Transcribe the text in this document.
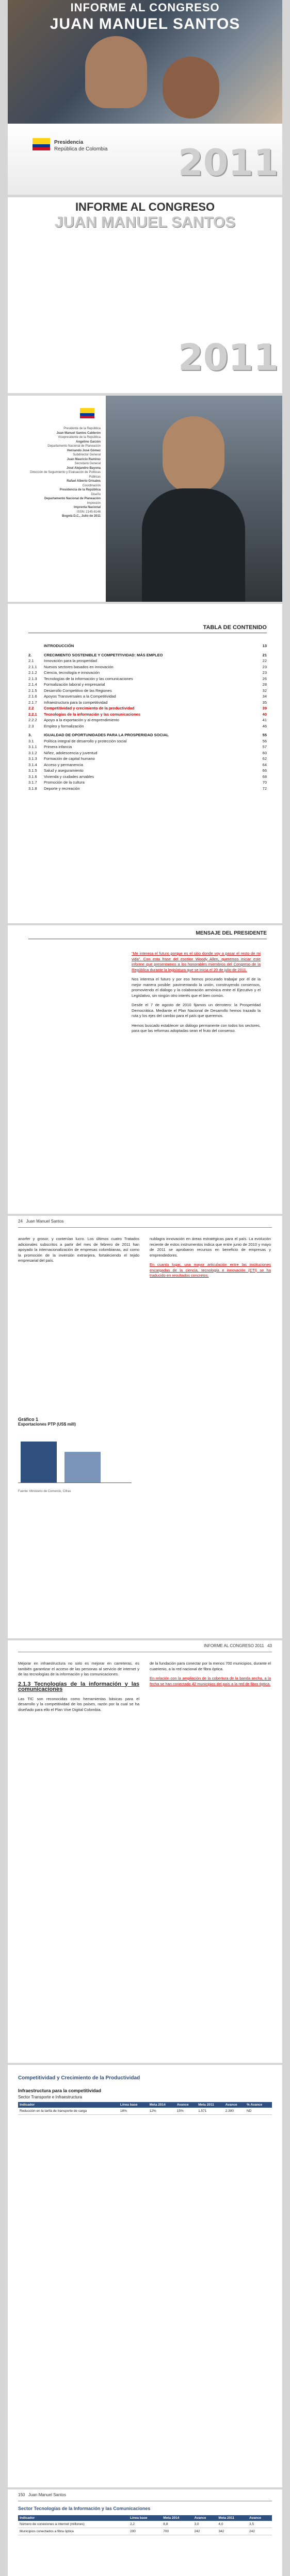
INFORME AL CONGRESO
JUAN MANUEL SANTOS
Presidencia
República de Colombia 2011
INFORME AL CONGRESO
JUAN MANUEL SANTOS
2011
Presidente de la República
Juan Manuel Santos Calderón
Vicepresidente de la República
Angelino Garzón
Departamento Nacional de Planeación
Hernando José Gómez
Subdirector General
Juan Mauricio Ramírez
Secretario General
José Alejandro Bayona
Dirección de Seguimiento y Evaluación de Políticas Públicas
Rafael Alberto Grisales
Coordinación
Presidencia de la República
Diseño
Departamento Nacional de Planeación
Impresión
Imprenta Nacional
ISSN: 2145-8146
Bogotá D.C., Julio de 2011
TABLA DE CONTENIDO
INTRODUCCIÓN	13
2.	CRECIMIENTO SOSTENIBLE Y COMPETITIVIDAD: MÁS EMPLEO	21
2.1	Innovación para la prosperidad	22
2.1.1	Nuevos sectores basados en innovación	23
2.1.2	Ciencia, tecnología e innovación	23
2.1.3	Tecnologías de la información y las comunicaciones	26
2.1.4	Formalización laboral y empresarial	28
2.1.5	Desarrollo Competitivo de las Regiones	32
2.1.6	Apoyos Transversales a la Competitividad	34
2.1.7	Infraestructura para la competitividad	35
2.2	Competitividad y crecimiento de la productividad	39
2.2.1	Tecnologías de la información y las comunicaciones	40
2.2.2	Apoyo a la exportación y al emprendimiento	41
2.3	Empleo y formalización	46
3.	IGUALDAD DE OPORTUNIDADES PARA LA PROSPERIDAD SOCIAL	55
3.1	Política integral de desarrollo y protección social	56
3.1.1	Primera infancia	57
3.1.2	Niñez, adolescencia y juventud	60
3.1.3	Formación de capital humano	62
3.1.4	Acceso y permanencia	64
3.1.5	Salud y aseguramiento	66
3.1.6	Vivienda y ciudades amables	68
3.1.7	Promoción de la cultura	70
3.1.8	Deporte y recreación	72
MENSAJE DEL PRESIDENTE

“Me interesa el futuro porque es el sitio donde voy a pasar el resto de mi vida”. Con esta frase del escritor Woody Allen, queremos iniciar este informe que presentamos a los honorables miembros del Congreso de la República durante la legislatura que se inicia el 20 de julio de 2011.

Nos interesa el futuro y por eso hemos procurado trabajar por él de la mejor manera posible: pavimentando la unión, construyendo consensos, promoviendo el diálogo y la colaboración armónica entre el Ejecutivo y el Legislativo, sin ningún otro interés que el bien común.

Desde el 7 de agosto de 2010 fijamos un derrotero: la Prosperidad Democrática. Mediante el Plan Nacional de Desarrollo hemos trazado la ruta y los ejes del cambio para el país que queremos.

Hemos buscado establecer un diálogo permanente con todos los sectores, para que las reformas adoptadas sean el fruto del consenso.

24 Juan Manuel Santos

anorfer y grosor, y contenían lucro. Los últimos cuatro Tratados adicionales subscritos a partir del mes de febrero de 2011 han apoyado la internacionalización de empresas colombianas, así como la promoción de la inversión extranjera, fortaleciendo el tejido empresarial del país.

nublagra innovación en áreas estratégicas para el país. La evolución reciente de estos instrumentos indica que entre junio de 2010 y mayo de 2011 se aprobaron recursos en beneficio de empresas y emprendedores.

En cuanto lugar, una mayor articulación entre las instituciones encargadas de la ciencia, tecnología e innovación (CTI) se ha traducido en resultados concretos.

Gráfico 1
Exportaciones PTP (US$ mill)
Fuente: Ministerio de Comercio, Cifras
INFORME AL CONGRESO 2011 43

Mejorar en infraestructura no solo es mejorar en carreteras, es también garantizar el acceso de las personas al servicio de internet y de las tecnologías de la información y las comunicaciones.

2.1.3 Tecnologías de la información y las comunicaciones

Las TIC son reconocidas como herramientas básicas para el desarrollo y la competitividad de los países, razón por la cual se ha diseñado para ello el Plan Vive Digital Colombia.

de la fundación para conectar por la menos 700 municipios, durante el cuatrienio, a la red nacional de fibra óptica.

En relación con la ampliación de la cobertura de la banda ancha, a la fecha se han conectado 42 municipios del país a la red de fibra óptica.

Competitividad y Crecimiento de la Productividad
Infraestructura para la competitividad
Sector Transporte e Infraestructura
Indicador	Línea base	Meta 2014	Avance	Meta 2011	Avance	% Avance
Reducción en la tarifa de transporte de carga	18%	12%	15%	1.571	2.390	ND
150 Juan Manuel Santos
Sector Tecnologías de la Información y las Comunicaciones
Indicador	Línea base	Meta 2014	Avance	Meta 2011	Avance
Número de conexiones a internet (millones)	2,2	8,8	3,0	4,0	3,5
Municipios conectados a fibra óptica	200	700	242	342	242
